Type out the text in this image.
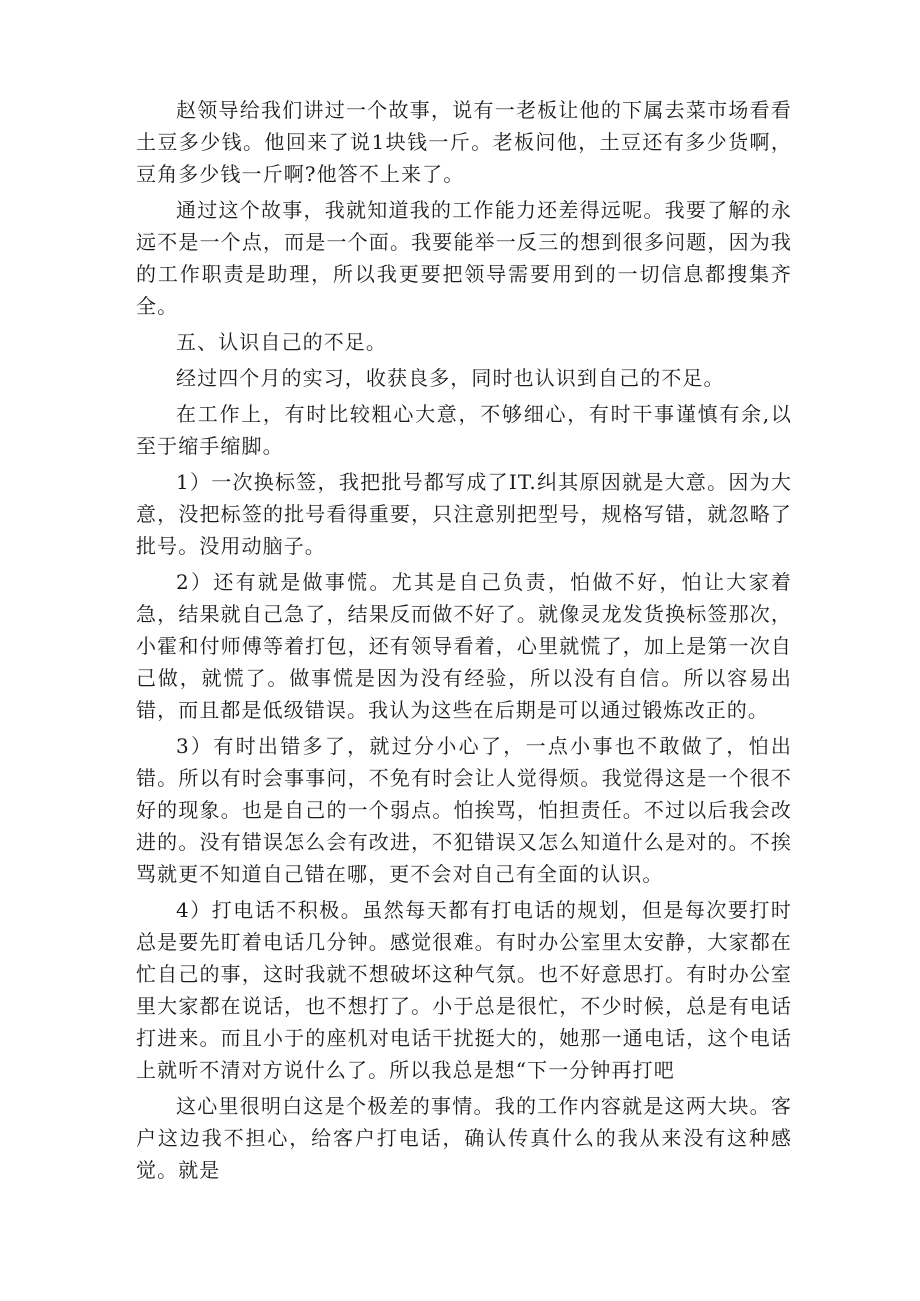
赵领导给我们讲过一个故事，说有一老板让他的下属去菜市场看看土豆多少钱。他回来了说1块钱一斤。老板问他，土豆还有多少货啊，豆角多少钱一斤啊?他答不上来了。

通过这个故事，我就知道我的工作能力还差得远呢。我要了解的永远不是一个点，而是一个面。我要能举一反三的想到很多问题，因为我的工作职责是助理，所以我更要把领导需要用到的一切信息都搜集齐全。

五、认识自己的不足。

经过四个月的实习，收获良多，同时也认识到自己的不足。

在工作上，有时比较粗心大意，不够细心，有时干事谨慎有余,以至于缩手缩脚。

1）一次换标签，我把批号都写成了IT.纠其原因就是大意。因为大意，没把标签的批号看得重要，只注意别把型号，规格写错，就忽略了批号。没用动脑子。

2）还有就是做事慌。尤其是自己负责，怕做不好，怕让大家着急，结果就自己急了，结果反而做不好了。就像灵龙发货换标签那次，小霍和付师傅等着打包，还有领导看着，心里就慌了，加上是第一次自己做，就慌了。做事慌是因为没有经验，所以没有自信。所以容易出错，而且都是低级错误。我认为这些在后期是可以通过锻炼改正的。

3）有时出错多了，就过分小心了，一点小事也不敢做了，怕出错。所以有时会事事问，不免有时会让人觉得烦。我觉得这是一个很不好的现象。也是自己的一个弱点。怕挨骂，怕担责任。不过以后我会改进的。没有错误怎么会有改进，不犯错误又怎么知道什么是对的。不挨骂就更不知道自己错在哪，更不会对自己有全面的认识。

4）打电话不积极。虽然每天都有打电话的规划，但是每次要打时总是要先盯着电话几分钟。感觉很难。有时办公室里太安静，大家都在忙自己的事，这时我就不想破坏这种气氛。也不好意思打。有时办公室里大家都在说话，也不想打了。小于总是很忙，不少时候，总是有电话打进来。而且小于的座机对电话干扰挺大的，她那一通电话，这个电话上就听不清对方说什么了。所以我总是想“下一分钟再打吧

这心里很明白这是个极差的事情。我的工作内容就是这两大块。客户这边我不担心，给客户打电话，确认传真什么的我从来没有这种感觉。就是
